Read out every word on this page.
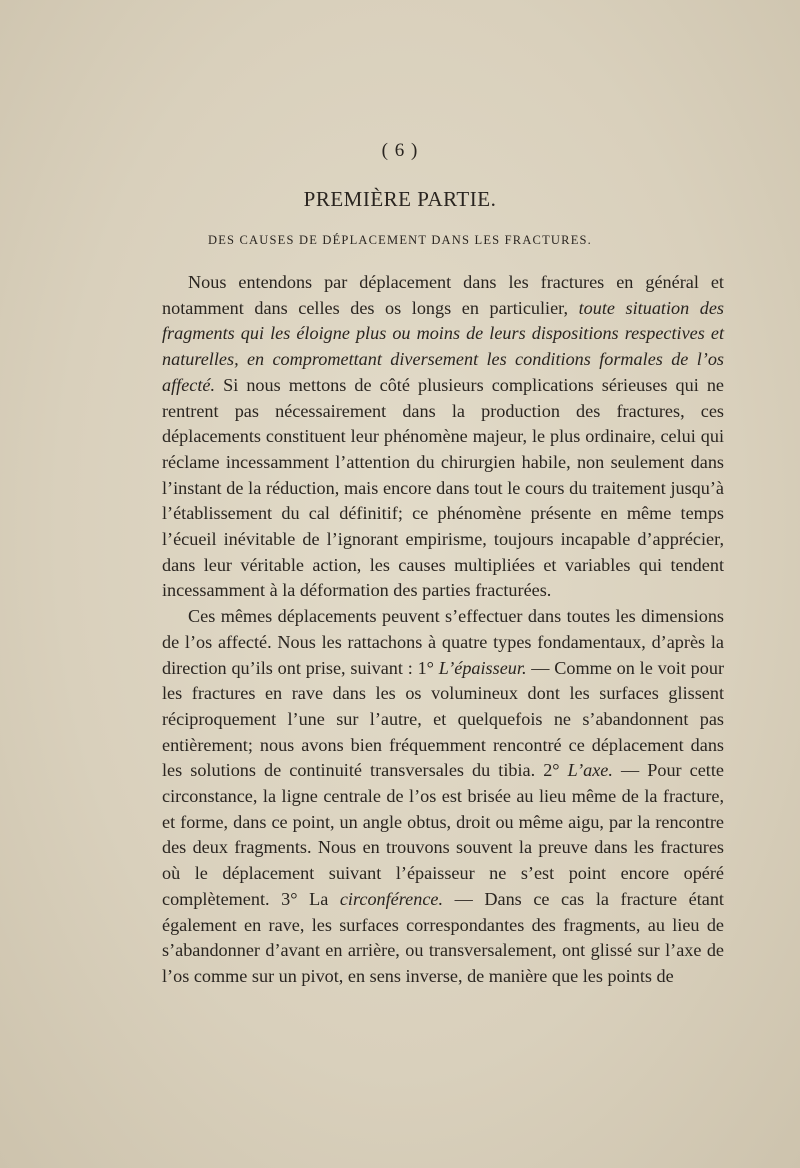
( 6 )
PREMIÈRE PARTIE.
DES CAUSES DE DÉPLACEMENT DANS LES FRACTURES.

Nous entendons par déplacement dans les fractures en général et notamment dans celles des os longs en particulier, toute situation des fragments qui les éloigne plus ou moins de leurs dispositions respectives et naturelles, en compromettant diversement les conditions formales de l’os affecté. Si nous mettons de côté plusieurs complications sérieuses qui ne rentrent pas nécessairement dans la production des fractures, ces déplacements constituent leur phénomène majeur, le plus ordinaire, celui qui réclame incessamment l’attention du chirurgien habile, non seulement dans l’instant de la réduction, mais encore dans tout le cours du traitement jusqu’à l’établissement du cal définitif; ce phénomène présente en même temps l’écueil inévitable de l’ignorant empirisme, toujours incapable d’apprécier, dans leur véritable action, les causes multipliées et variables qui tendent incessamment à la déformation des parties fracturées.

Ces mêmes déplacements peuvent s’effectuer dans toutes les dimensions de l’os affecté. Nous les rattachons à quatre types fondamentaux, d’après la direction qu’ils ont prise, suivant : 1° L’épaisseur. — Comme on le voit pour les fractures en rave dans les os volumineux dont les surfaces glissent réciproquement l’une sur l’autre, et quelquefois ne s’abandonnent pas entièrement; nous avons bien fréquemment rencontré ce déplacement dans les solutions de continuité transversales du tibia. 2° L’axe. — Pour cette circonstance, la ligne centrale de l’os est brisée au lieu même de la fracture, et forme, dans ce point, un angle obtus, droit ou même aigu, par la rencontre des deux fragments. Nous en trouvons souvent la preuve dans les fractures où le déplacement suivant l’épaisseur ne s’est point encore opéré complètement. 3° La circonférence. — Dans ce cas la fracture étant également en rave, les surfaces correspondantes des fragments, au lieu de s’abandonner d’avant en arrière, ou transversalement, ont glissé sur l’axe de l’os comme sur un pivot, en sens inverse, de manière que les points de
